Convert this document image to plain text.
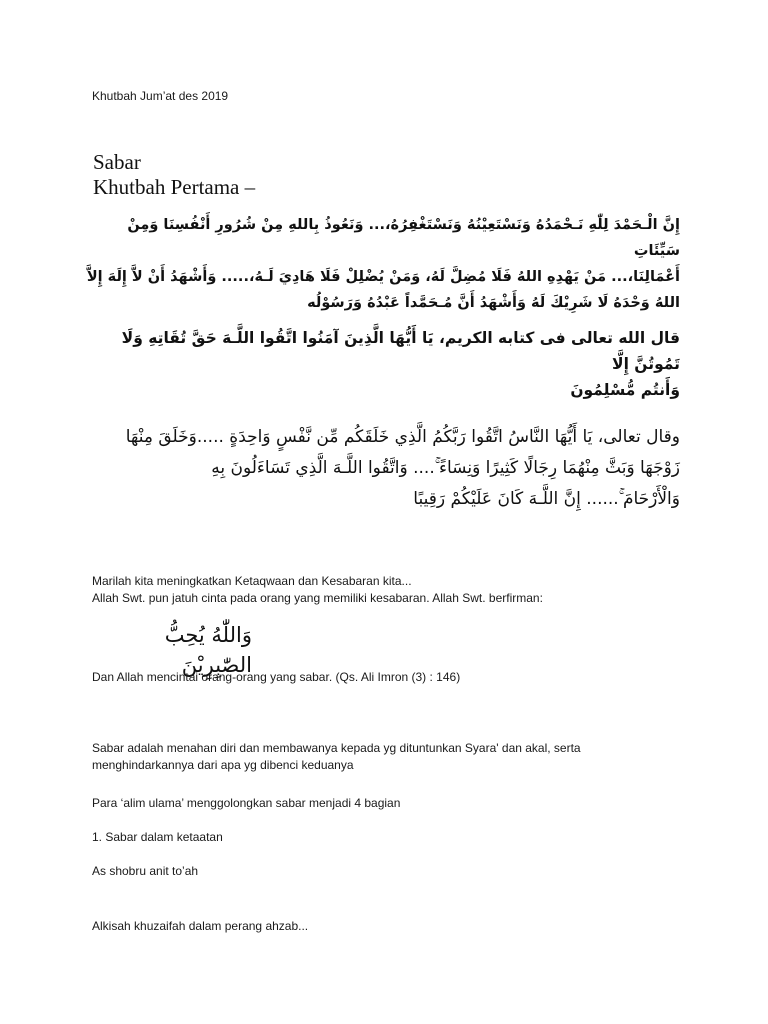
Khutbah Jum’at des 2019

Sabar
Khutbah Pertama –
إِنَّ الْـحَمْدَ لِلّٰهِ نَـحْمَدُهُ وَنَسْتَعِيْنُهُ وَنَسْتَغْفِرُهُ،... وَنَعُوذُ بِاللهِ مِنْ شُرُورِ أَنْفُسِنَا وَمِنْ سَيِّئَاتِ
أَعْمَالِنَا،... مَنْ يَهْدِهِ اللهُ فَلَا مُضِلَّ لَهُ، وَمَنْ يُضْلِلْ فَلَا هَادِيَ لَـهُ،..... وَأَشْهَدُ أَنْ لاَّ إِلَهَ إِلاَّ
اللهُ وَحْدَهُ لَا شَرِيْكَ لَهُ وَأَشْهَدُ أَنَّ مُـحَمَّداً عَبْدُهُ وَرَسُوْلُه
قال الله تعالى فى كتابه الكريم، يَا أَيُّهَا الَّذِينَ آمَنُوا اتَّقُوا اللَّـهَ حَقَّ تُقَاتِهِ وَلَا تَمُوتُنَّ إِلَّا
وَأَنتُم مُّسْلِمُونَ
وقال تعالى، يَا أَيُّهَا النَّاسُ اتَّقُوا رَبَّكُمُ الَّذِي خَلَقَكُم مِّن نَّفْسٍ وَاحِدَةٍ .....وَخَلَقَ مِنْهَا
زَوْجَهَا وَبَثَّ مِنْهُمَا رِجَالًا كَثِيرًا وَنِسَاءً ۚ.... وَاتَّقُوا اللَّـهَ الَّذِي تَسَاءَلُونَ بِهِ
وَالْأَرْحَامَ ۚ...... إِنَّ اللَّـهَ كَانَ عَلَيْكُمْ رَقِيبًا

Marilah kita meningkatkan Ketaqwaan dan Kesabaran kita...

Allah Swt. pun jatuh cinta pada orang yang memiliki kesabaran. Allah Swt. berfirman:

وَاللّٰهُ يُحِبُّ الصّٰبِرِيْنَ

Dan Allah mencintai orang-orang yang sabar. (Qs. Ali Imron (3) : 146)

Sabar adalah menahan diri dan membawanya kepada yg dituntunkan Syara' dan akal, serta

menghindarkannya dari apa yg dibenci keduanya

Para ‘alim ulama’ menggolongkan sabar menjadi 4 bagian

1. Sabar dalam ketaatan

As shobru anit to’ah

Alkisah khuzaifah dalam perang ahzab...
